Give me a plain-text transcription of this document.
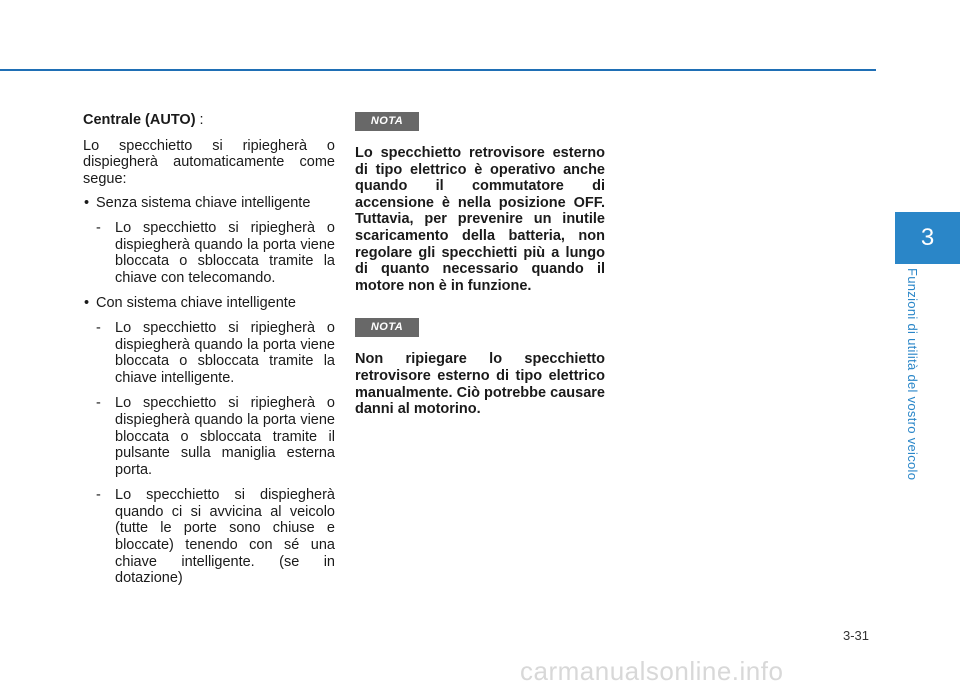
3
Funzioni di utilità del vostro veicolo

Centrale (AUTO) :

Lo specchietto si ripiegherà o dispiegherà automaticamente come segue:

• Senza sistema chiave intelligente
- Lo specchietto si ripiegherà o dispiegherà quando la porta viene bloccata o sbloccata tramite la chiave con telecomando.
• Con sistema chiave intelligente
- Lo specchietto si ripiegherà o dispiegherà quando la porta viene bloccata o sbloccata tramite la chiave intelligente.
- Lo specchietto si ripiegherà o dispiegherà quando la porta viene bloccata o sbloccata tramite il pulsante sulla maniglia esterna porta.
- Lo specchietto si dispiegherà quando ci si avvicina al veicolo (tutte le porte sono chiuse e bloccate) tenendo con sé una chiave intelligente. (se in dotazione)
NOTA

Lo specchietto retrovisore esterno di tipo elettrico è operativo anche quando il commutatore di accensione è nella posizione OFF. Tuttavia, per prevenire un inutile scaricamento della batteria, non regolare gli specchietti più a lungo di quanto necessario quando il motore non è in funzione.

NOTA

Non ripiegare lo specchietto retrovisore esterno di tipo elettrico manualmente. Ciò potrebbe causare danni al motorino.

3-31
carmanualsonline.info
